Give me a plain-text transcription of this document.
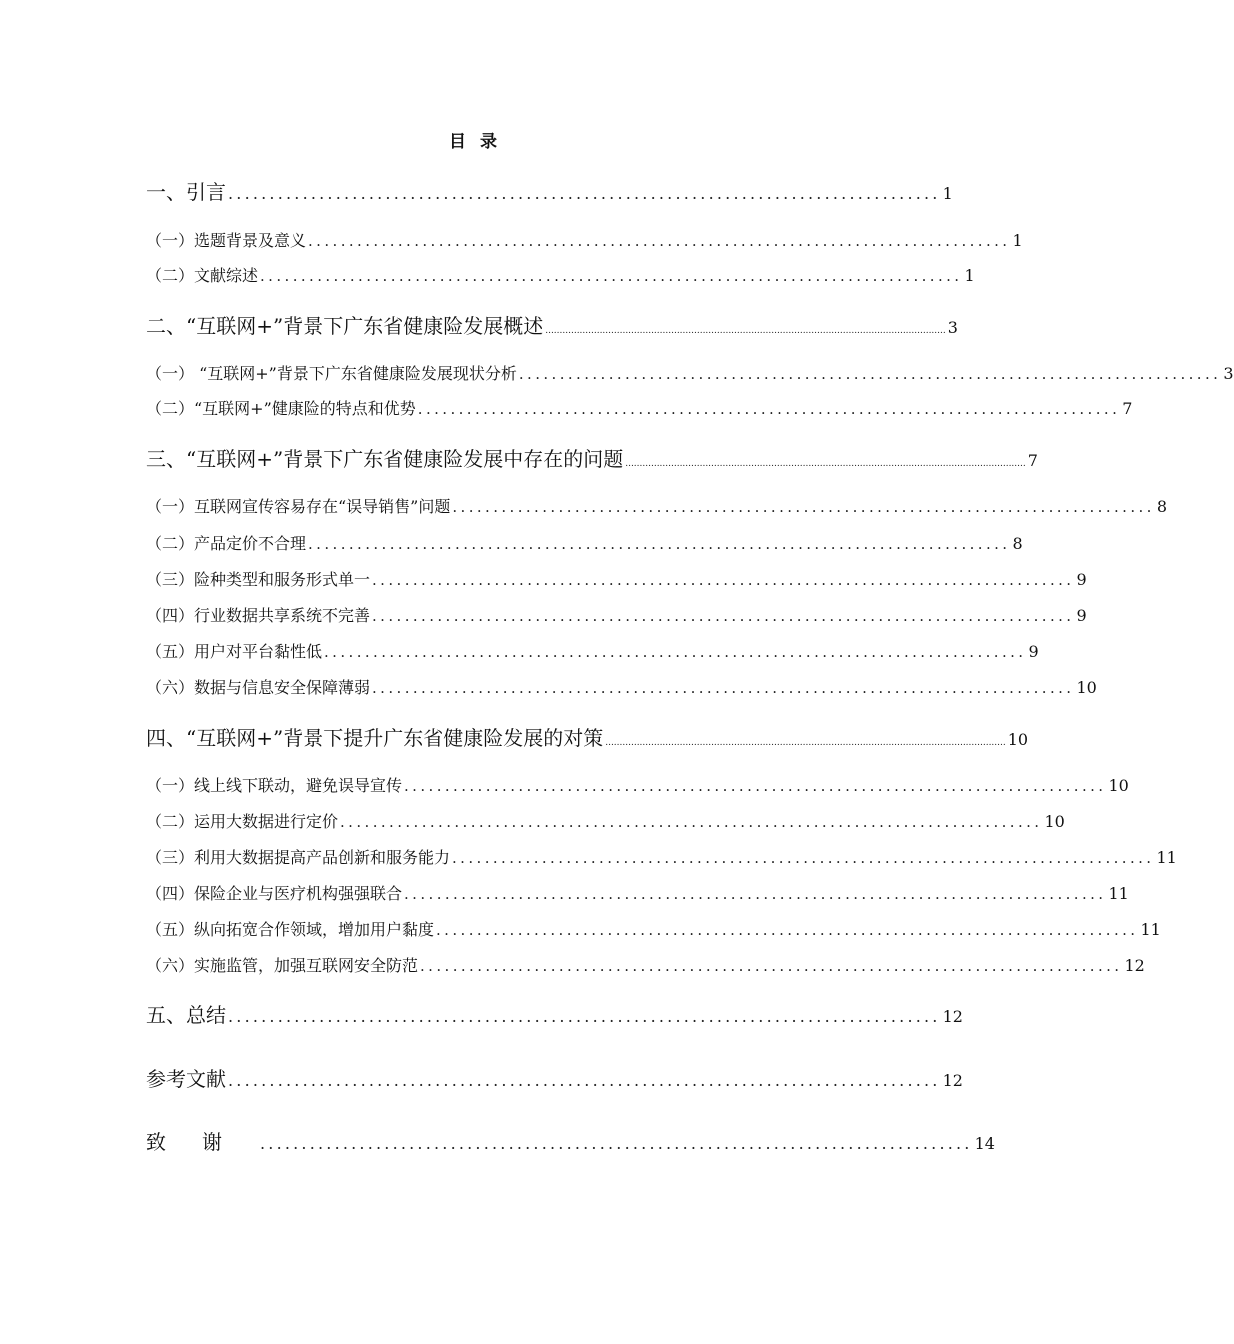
目 录
一、引言 ...................................................................................... 1
（一）选题背景及意义 ...................................................................................... 1
（二）文献综述 ...................................................................................... 1
二、“互联网+”背景下广东省健康险发展概述 ............................................................................................................................................ 3
（一） “互联网+”背景下广东省健康险发展现状分析 ...................................................................................... 3
（二）“互联网+”健康险的特点和优势 ...................................................................................... 7
三、“互联网+”背景下广东省健康险发展中存在的问题 ............................................................................................................................................ 7
（一）互联网宣传容易存在“误导销售”问题 ...................................................................................... 8
（二）产品定价不合理 ...................................................................................... 8
（三）险种类型和服务形式单一 ...................................................................................... 9
（四）行业数据共享系统不完善 ...................................................................................... 9
（五）用户对平台黏性低 ...................................................................................... 9
（六）数据与信息安全保障薄弱 ...................................................................................... 10
四、“互联网+”背景下提升广东省健康险发展的对策 ............................................................................................................................................ 10
（一）线上线下联动，避免误导宣传 ...................................................................................... 10
（二）运用大数据进行定价 ...................................................................................... 10
（三）利用大数据提高产品创新和服务能力 ...................................................................................... 11
（四）保险企业与医疗机构强强联合 ...................................................................................... 11
（五）纵向拓宽合作领域，增加用户黏度 ...................................................................................... 11
（六）实施监管，加强互联网安全防范 ...................................................................................... 12
五、总结 ...................................................................................... 12
参考文献 ...................................................................................... 12
致谢 ...................................................................................... 14
